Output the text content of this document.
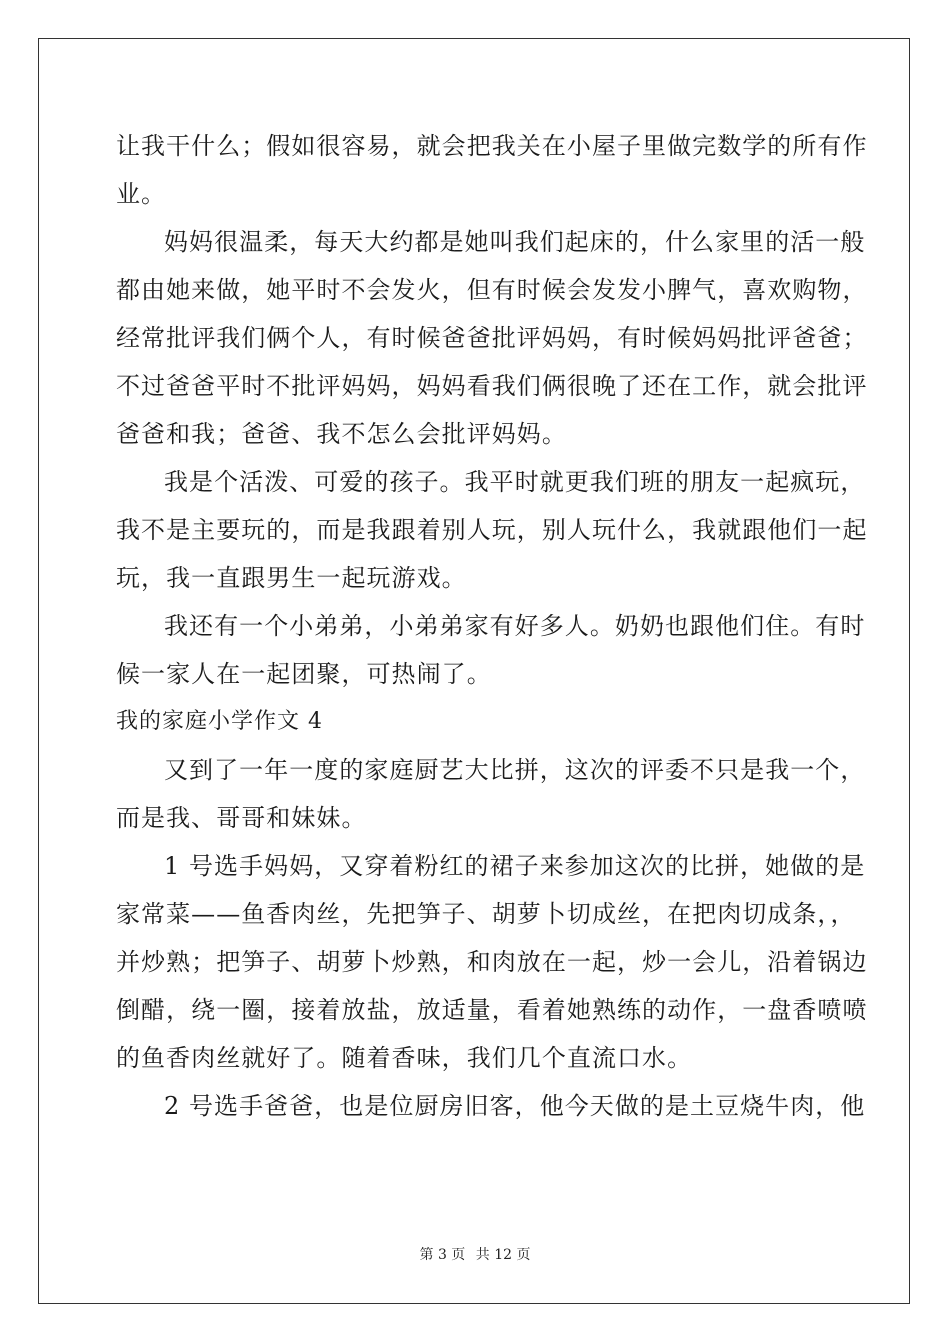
让我干什么；假如很容易，就会把我关在小屋子里做完数学的所有作
业。
妈妈很温柔，每天大约都是她叫我们起床的，什么家里的活一般
都由她来做，她平时不会发火，但有时候会发发小脾气，喜欢购物，
经常批评我们俩个人，有时候爸爸批评妈妈，有时候妈妈批评爸爸；
不过爸爸平时不批评妈妈，妈妈看我们俩很晚了还在工作，就会批评
爸爸和我；爸爸、我不怎么会批评妈妈。
我是个活泼、可爱的孩子。我平时就更我们班的朋友一起疯玩，
我不是主要玩的，而是我跟着别人玩，别人玩什么，我就跟他们一起
玩，我一直跟男生一起玩游戏。
我还有一个小弟弟，小弟弟家有好多人。奶奶也跟他们住。有时
候一家人在一起团聚，可热闹了。
我的家庭小学作文 4
又到了一年一度的家庭厨艺大比拼，这次的评委不只是我一个，
而是我、哥哥和妹妹。
1 号选手妈妈，又穿着粉红的裙子来参加这次的比拼，她做的是
家常菜——鱼香肉丝，先把笋子、胡萝卜切成丝，在把肉切成条，，
并炒熟；把笋子、胡萝卜炒熟，和肉放在一起，炒一会儿，沿着锅边
倒醋，绕一圈，接着放盐，放适量，看着她熟练的动作，一盘香喷喷
的鱼香肉丝就好了。随着香味，我们几个直流口水。
2 号选手爸爸，也是位厨房旧客，他今天做的是土豆烧牛肉，他
第 3 页 共 12 页
